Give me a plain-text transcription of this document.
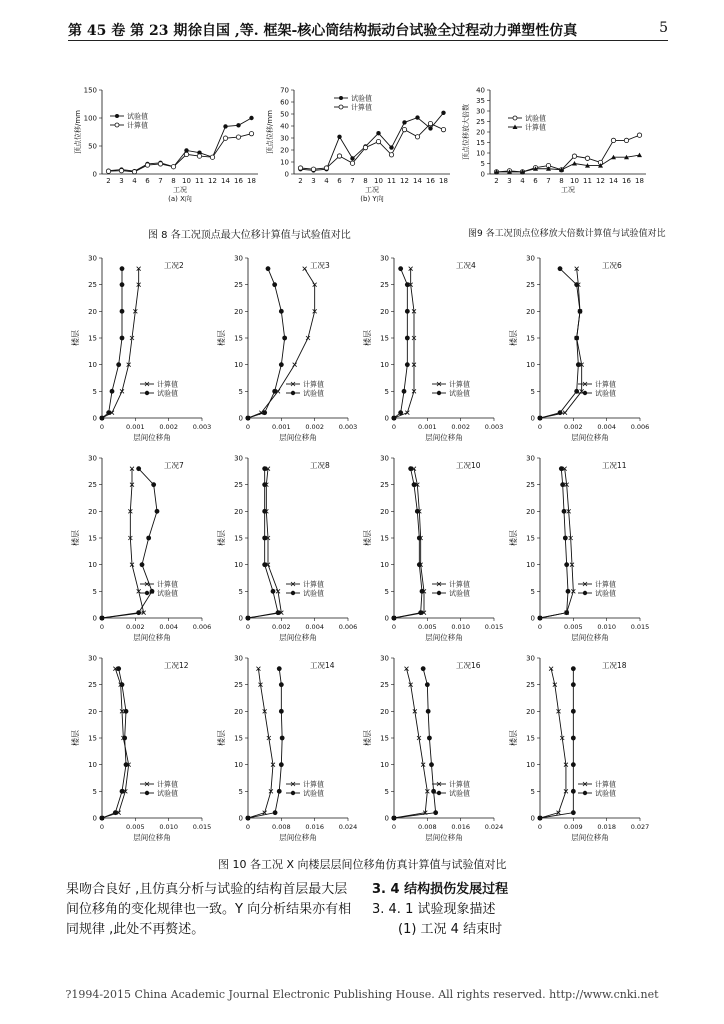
第 45 卷 第 23 期 徐自国 ,等. 框架-核心筒结构振动台试验全过程动力弹塑性仿真	5
0
50
100
150
2 3 4 6 7 8 10 11 12 14 16 18
工况
(a) X向
顶点位移/mm	试验值
计算值
0
10
20
30
40
50
60
70
2 3 4 6 7 8 10 11 12 14 16 18
工况
(b) Y向
顶点位移/mm
试验值
计算值
0
5
10
15
20
25
30
35
40
2 3 4 6 7 8 10 11 12 14 16 18
工况
顶点位移放大倍数	试验值
计算值
图 8 各工况顶点最大位移计算值与试验值对比	图9 各工况顶点位移放大倍数计算值与试验值对比
0
5
10
15
20
25
30
0	0.001 0.002 0.003
层间位移角
楼层
工况2
计算值
试验值
0
5
10
15
20
25
30
0	0.001 0.002 0.003
层间位移角
楼层
工况3
计算值
试验值
0
5
10
15
20
25
30
0	0.001 0.002 0.003
层间位移角
楼层
工况4
计算值
试验值
0
5
10
15
20
25
30
0	0.002 0.004 0.006
层间位移角
楼层
工况6
计算值
试验值
0
5
10
15
20
25
30
0	0.002 0.004 0.006
层间位移角
楼层
工况7
计算值
试验值
0
5
10
15
20
25
30
0	0.002 0.004 0.006
层间位移角
楼层
工况8
计算值
试验值
0
5
10
15
20
25
30
0	0.005 0.010 0.015
层间位移角
楼层
工况10
计算值
试验值
0
5
10
15
20
25
30
0	0.005 0.010 0.015
层间位移角
楼层
工况11
计算值
试验值
0
5
10
15
20
25
30
0	0.005 0.010 0.015
层间位移角
楼层
工况12
计算值
试验值
0
5
10
15
20
25
30
0	0.008 0.016 0.024
层间位移角
楼层
工况14
计算值
试验值
0
5
10
15
20
25
30
0	0.008 0.016 0.024
层间位移角
楼层
工况16
计算值
试验值
0
5
10
15
20
25
30
0	0.009 0.018 0.027
层间位移角
楼层
工况18
计算值
试验值
图 10 各工况 X 向楼层层间位移角仿真计算值与试验值对比
果吻合良好 ,且仿真分析与试验的结构首层最大层
间位移角的变化规律也一致。Y 向分析结果亦有相
同规律 ,此处不再赘述。
3. 4 结构损伤发展过程
3. 4. 1 试验现象描述
(1) 工况 4 结束时
?1994-2015 China Academic Journal Electronic Publishing House. All rights reserved. http://www.cnki.net
